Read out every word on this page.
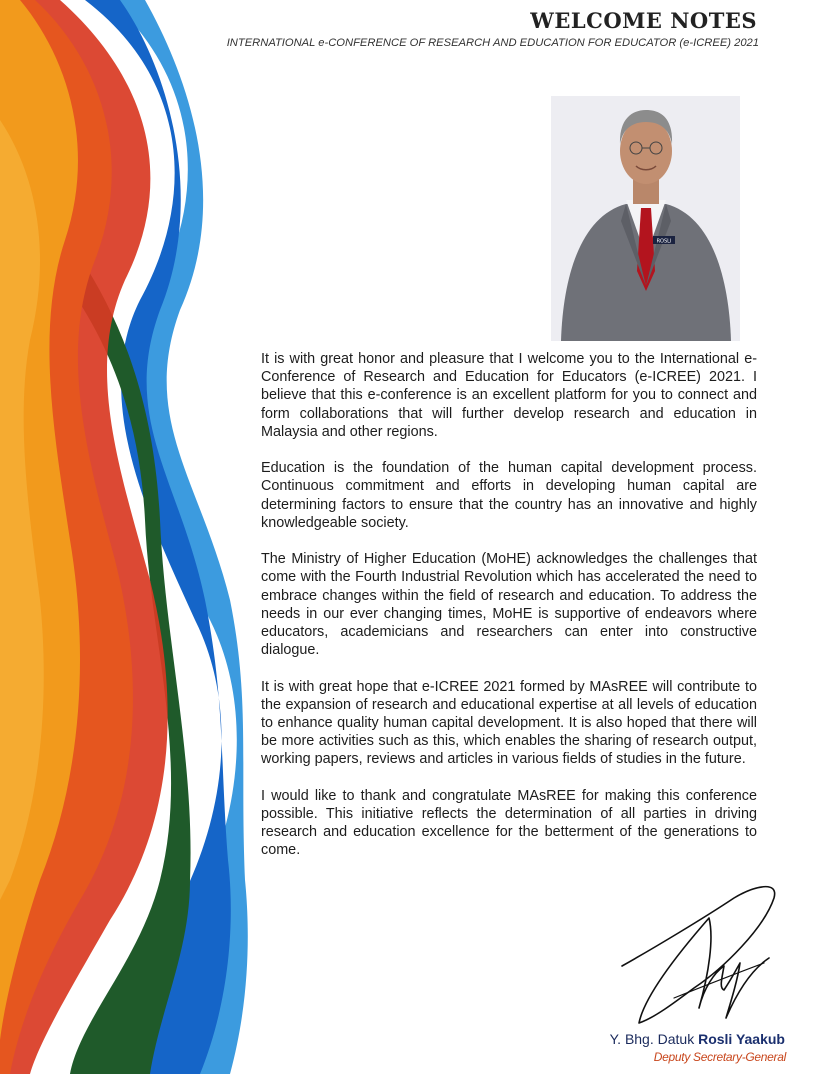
WELCOME NOTES
INTERNATIONAL e-CONFERENCE OF RESEARCH AND EDUCATION FOR EDUCATOR (e-ICREE) 2021
ROSLI

It is with great honor and pleasure that I welcome you to the International e-Conference of Research and Education for Educators (e-ICREE) 2021. I believe that this e-conference is an excellent platform for you to connect and form collaborations that will further develop research and education in Malaysia and other regions.

Education is the foundation of the human capital development process. Continuous commitment and efforts in developing human capital are determining factors to ensure that the country has an innovative and highly knowledgeable society.

The Ministry of Higher Education (MoHE) acknowledges the challenges that come with the Fourth Industrial Revolution which has accelerated the need to embrace changes within the field of research and education. To address the needs in our ever changing times, MoHE is supportive of endeavors where educators, academicians and researchers can enter into constructive dialogue.

It is with great hope that e-ICREE 2021 formed by MAsREE will contribute to the expansion of research and educational expertise at all levels of education to enhance quality human capital development. It is also hoped that there will be more activities such as this, which enables the sharing of research output, working papers, reviews and articles in various fields of studies in the future.

I would like to thank and congratulate MAsREE for making this conference possible. This initiative reflects the determination of all parties in driving research and education excellence for the betterment of the generations to come.

Y. Bhg. Datuk Rosli Yaakub
Deputy Secretary-General
